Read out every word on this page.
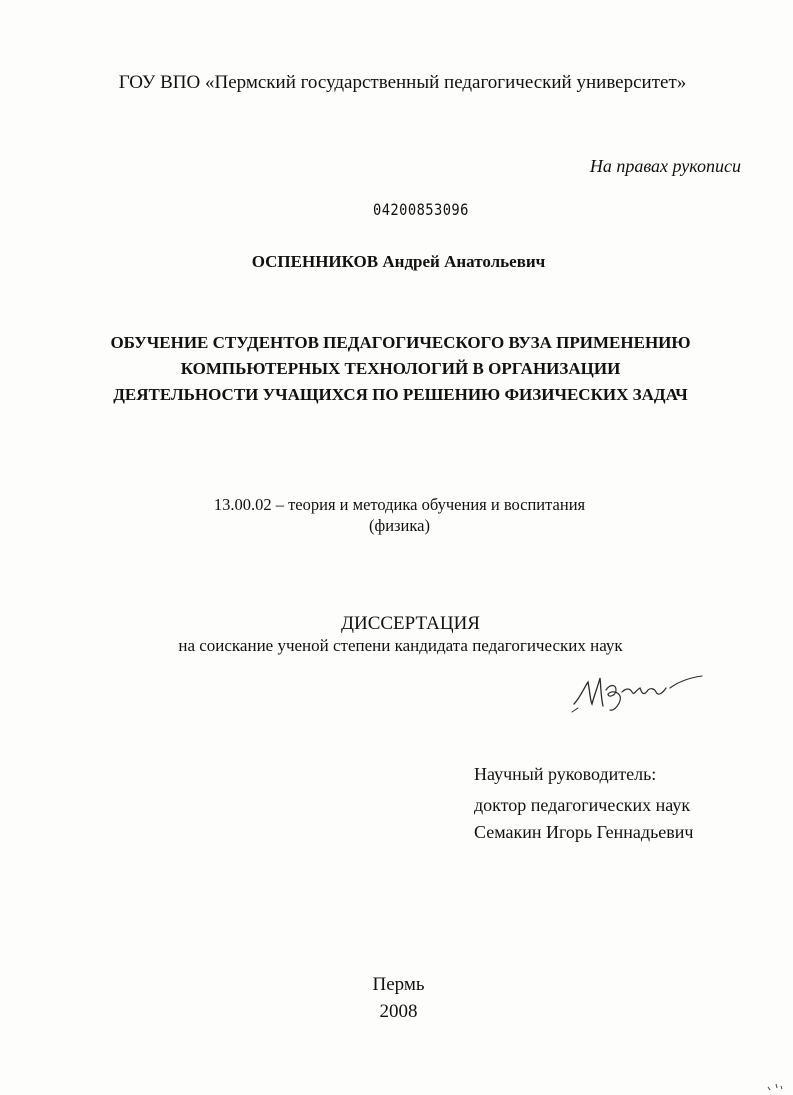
ГОУ ВПО «Пермский государственный педагогический университет»
На правах рукописи
04200853096
ОСПЕННИКОВ Андрей Анатольевич
ОБУЧЕНИЕ СТУДЕНТОВ ПЕДАГОГИЧЕСКОГО ВУЗА ПРИМЕНЕНИЮ
КОМПЬЮТЕРНЫХ ТЕХНОЛОГИЙ В ОРГАНИЗАЦИИ
ДЕЯТЕЛЬНОСТИ УЧАЩИХСЯ ПО РЕШЕНИЮ ФИЗИЧЕСКИХ ЗАДАЧ
13.00.02 – теория и методика обучения и воспитания
(физика)
ДИССЕРТАЦИЯ
на соискание ученой степени кандидата педагогических наук
Научный руководитель:
доктор педагогических наук
Семакин Игорь Геннадьевич
Пермь
2008
